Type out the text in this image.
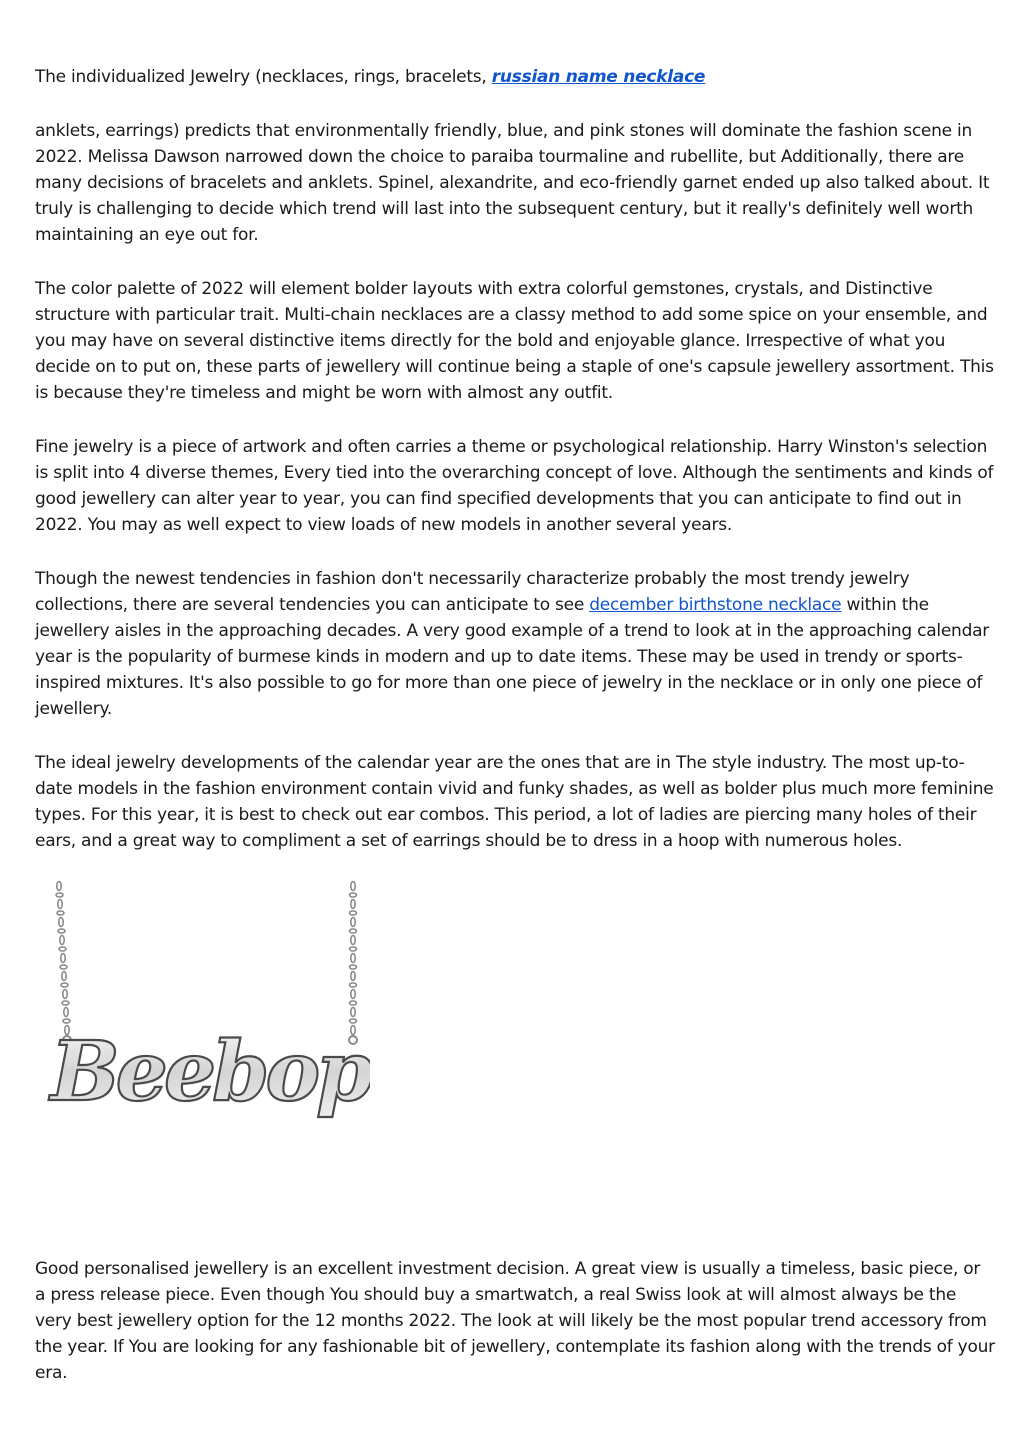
The individualized Jewelry (necklaces, rings, bracelets, russian name necklace

anklets, earrings) predicts that environmentally friendly, blue, and pink stones will dominate the fashion scene in 2022. Melissa Dawson narrowed down the choice to paraiba tourmaline and rubellite, but Additionally, there are many decisions of bracelets and anklets. Spinel, alexandrite, and eco-friendly garnet ended up also talked about. It truly is challenging to decide which trend will last into the subsequent century, but it really's definitely well worth maintaining an eye out for.

The color palette of 2022 will element bolder layouts with extra colorful gemstones, crystals, and Distinctive structure with particular trait. Multi-chain necklaces are a classy method to add some spice on your ensemble, and you may have on several distinctive items directly for the bold and enjoyable glance. Irrespective of what you decide on to put on, these parts of jewellery will continue being a staple of one's capsule jewellery assortment. This is because they're timeless and might be worn with almost any outfit.

Fine jewelry is a piece of artwork and often carries a theme or psychological relationship. Harry Winston's selection is split into 4 diverse themes, Every tied into the overarching concept of love. Although the sentiments and kinds of good jewellery can alter year to year, you can find specified developments that you can anticipate to find out in 2022. You may as well expect to view loads of new models in another several years.

Though the newest tendencies in fashion don't necessarily characterize probably the most trendy jewelry collections, there are several tendencies you can anticipate to see december birthstone necklace within the jewellery aisles in the approaching decades. A very good example of a trend to look at in the approaching calendar year is the popularity of burmese kinds in modern and up to date items. These may be used in trendy or sports-inspired mixtures. It's also possible to go for more than one piece of jewelry in the necklace or in only one piece of jewellery.

The ideal jewelry developments of the calendar year are the ones that are in The style industry. The most up-to-date models in the fashion environment contain vivid and funky shades, as well as bolder plus much more feminine types. For this year, it is best to check out ear combos. This period, a lot of ladies are piercing many holes of their ears, and a great way to compliment a set of earrings should be to dress in a hoop with numerous holes.

Beebop

Good personalised jewellery is an excellent investment decision. A great view is usually a timeless, basic piece, or a press release piece. Even though You should buy a smartwatch, a real Swiss look at will almost always be the very best jewellery option for the 12 months 2022. The look at will likely be the most popular trend accessory from the year. If You are looking for any fashionable bit of jewellery, contemplate its fashion along with the trends of your era.
